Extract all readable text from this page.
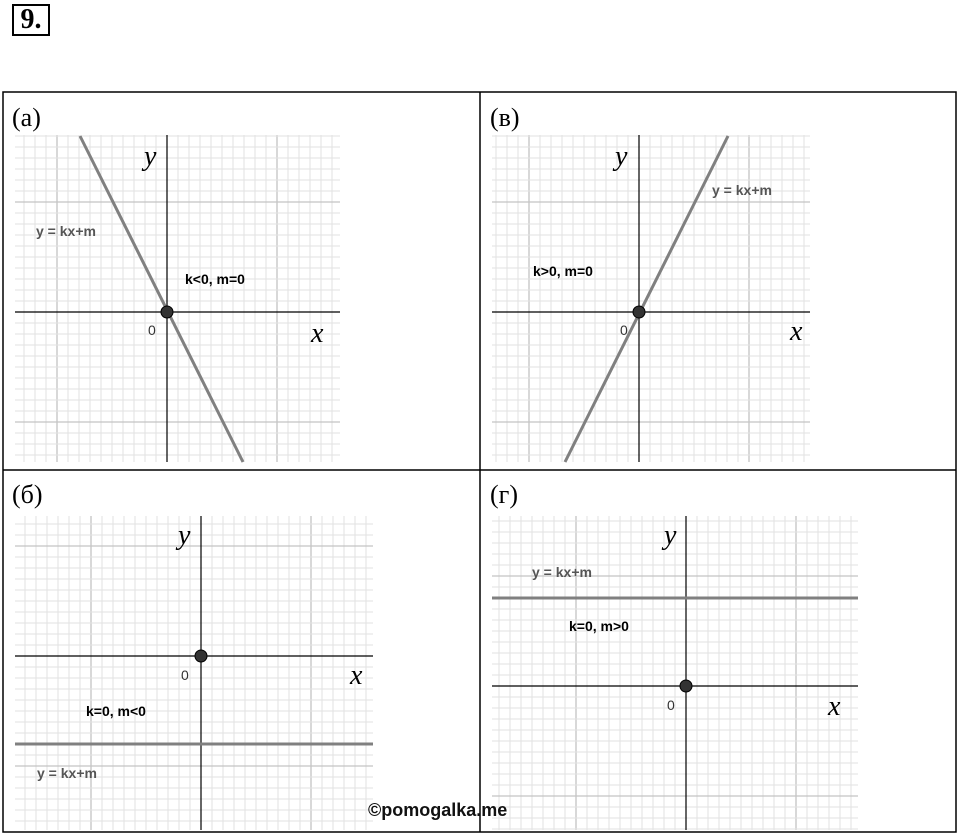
9.
(а)
y
x
0
y = kx+m
k<0, m=0
(в)
y
x
0
y = kx+m
k>0, m=0
(б)
y
x
0
y = kx+m
k=0, m<0
(г)
y
x
0
y = kx+m
k=0, m>0
©pomogalka.me
